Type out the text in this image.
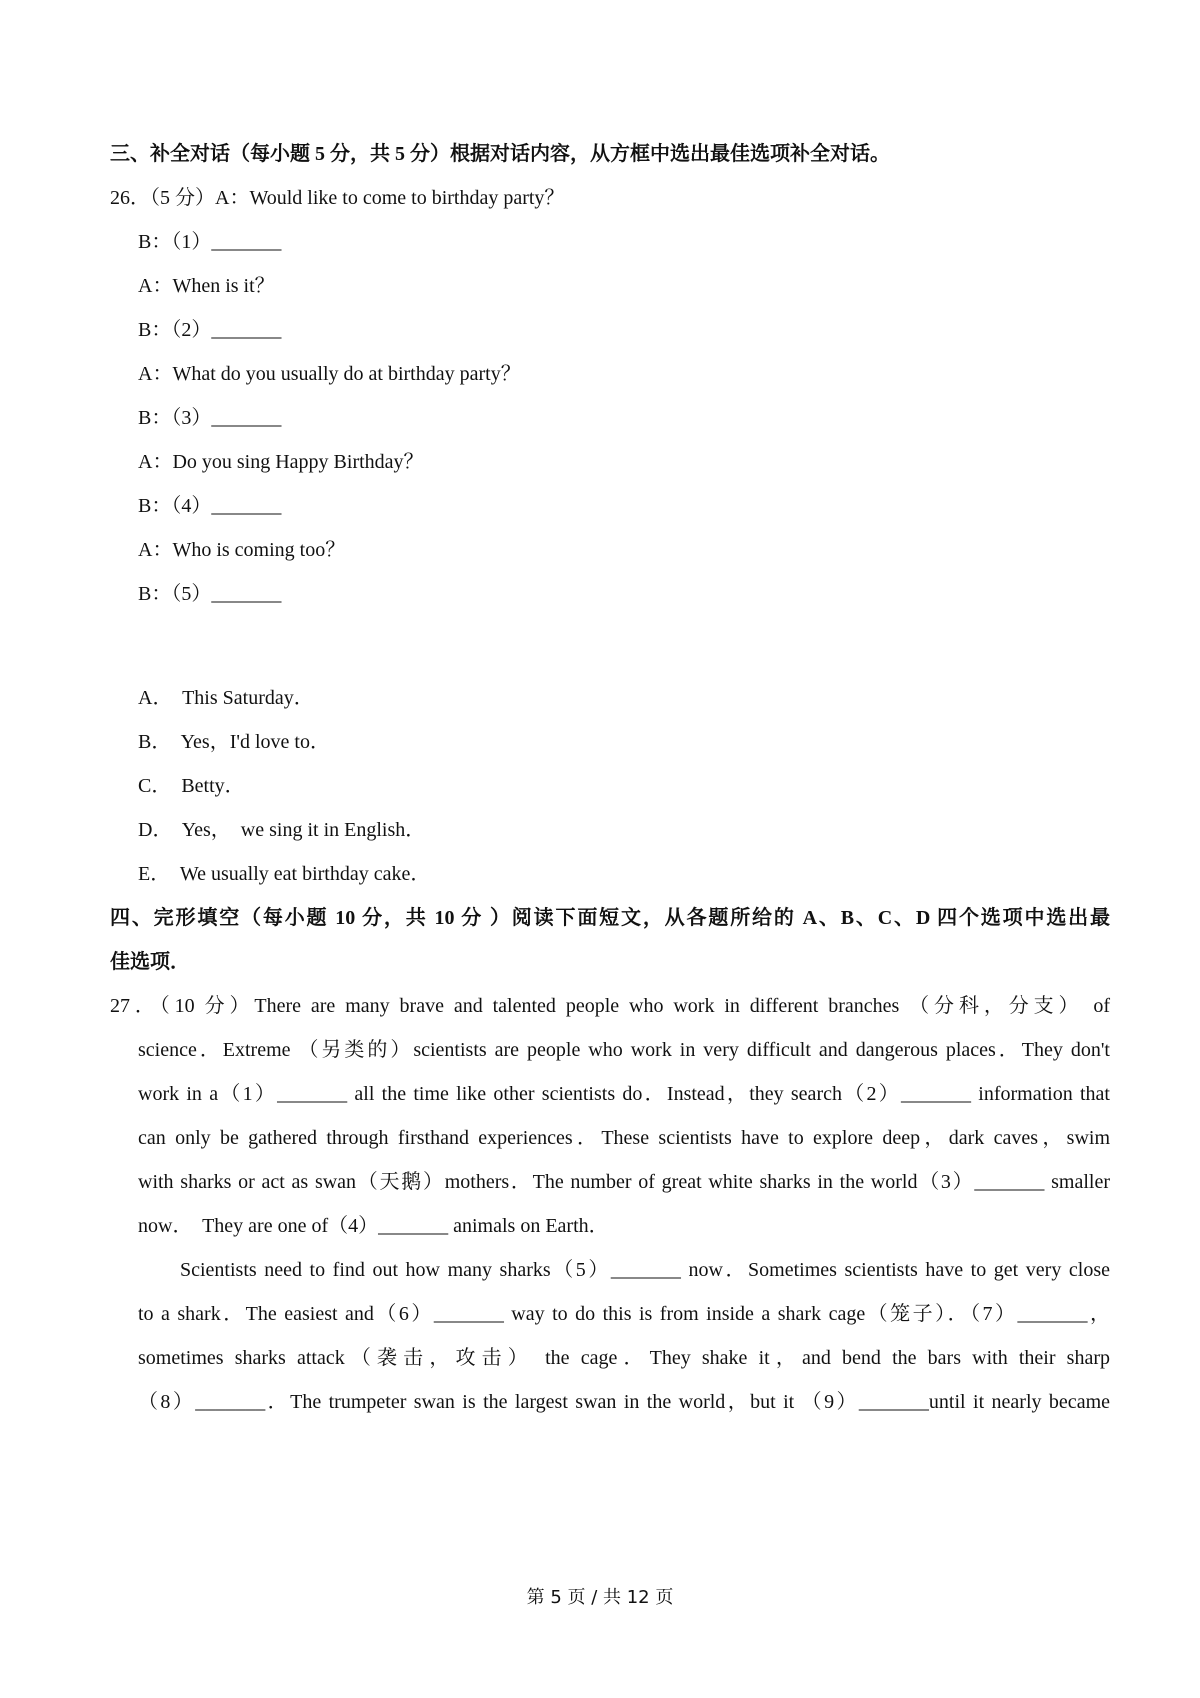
三、补全对话（每小题 5 分，共 5 分）根据对话内容，从方框中选出最佳选项补全对话。
26．（5 分）A：Would like to come to birthday party？
B：（1）_______
A：When is it？
B：（2）_______
A：What do you usually do at birthday party？
B：（3）_______
A：Do you sing Happy Birthday？
B：（4）_______
A：Who is coming too？
B：（5）_______
A．  This Saturday．
B．  Yes，I'd love to．
C．  Betty．
D．  Yes，  we sing it in English．
E．  We usually eat birthday cake．
四、完形填空（每小题 10 分，共 10 分 ）阅读下面短文，从各题所给的 A、B、C、D 四个选项中选出最
佳选项．
27．（10 分）There are many brave and talented people who work in different branches （分科，分支） of
science．Extreme （另类的）scientists are people who work in very difficult and dangerous places．They don't
work in a（1）_______ all the time like other scientists do．Instead，they search（2）_______ information that
can only be gathered through firsthand experiences．These scientists have to explore deep，dark caves，swim
with sharks or act as swan（天鹅）mothers．The number of great white sharks in the world（3）_______ smaller
now．  They are one of（4）_______ animals on Earth．
Scientists need to find out how many sharks（5）_______ now．Sometimes scientists have to get very close
to a shark．The easiest and（6）_______ way to do this is from inside a shark cage（笼子）．（7）_______，
sometimes sharks attack（袭击，攻击） the cage．They shake it，and bend the bars with their sharp
（8）_______．The trumpeter swan is the largest swan in the world，but it （9）_______until it nearly became
第 5 页 / 共 12 页
